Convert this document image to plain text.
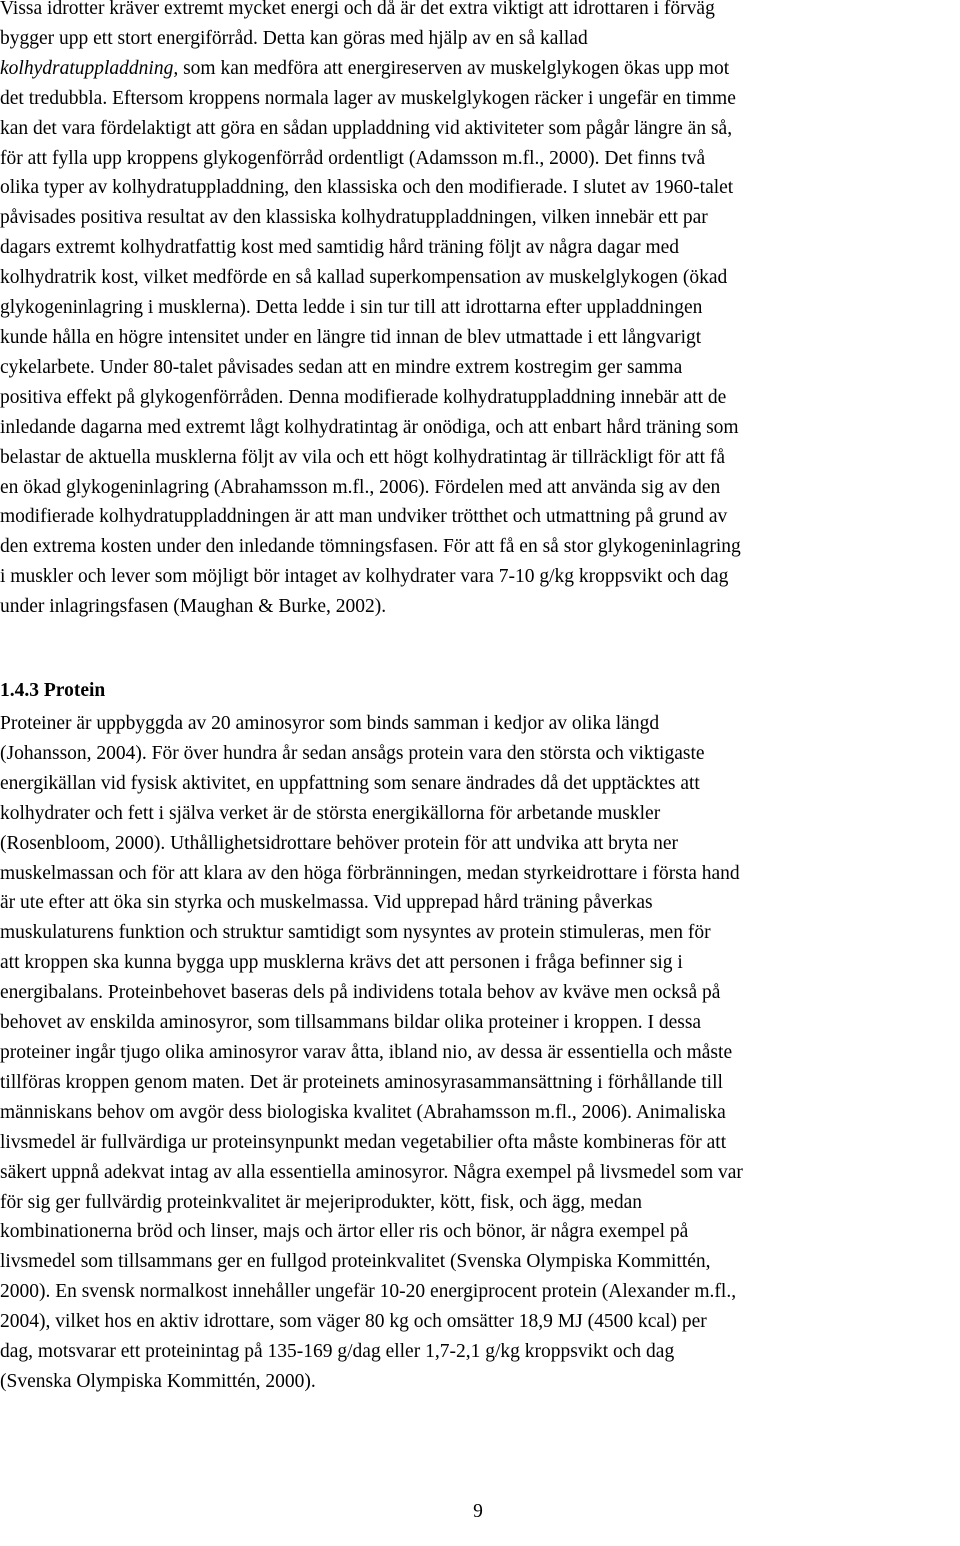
Vissa idrotter kräver extremt mycket energi och då är det extra viktigt att idrottaren i förväg
bygger upp ett stort energiförråd. Detta kan göras med hjälp av en så kallad
kolhydratuppladdning, som kan medföra att energireserven av muskelglykogen ökas upp mot
det tredubbla. Eftersom kroppens normala lager av muskelglykogen räcker i ungefär en timme
kan det vara fördelaktigt att göra en sådan uppladdning vid aktiviteter som pågår längre än så,
för att fylla upp kroppens glykogenförråd ordentligt (Adamsson m.fl., 2000). Det finns två
olika typer av kolhydratuppladdning, den klassiska och den modifierade. I slutet av 1960-talet
påvisades positiva resultat av den klassiska kolhydratuppladdningen, vilken innebär ett par
dagars extremt kolhydratfattig kost med samtidig hård träning följt av några dagar med
kolhydratrik kost, vilket medförde en så kallad superkompensation av muskelglykogen (ökad
glykogeninlagring i musklerna). Detta ledde i sin tur till att idrottarna efter uppladdningen
kunde hålla en högre intensitet under en längre tid innan de blev utmattade i ett långvarigt
cykelarbete. Under 80-talet påvisades sedan att en mindre extrem kostregim ger samma
positiva effekt på glykogenförråden. Denna modifierade kolhydratuppladdning innebär att de
inledande dagarna med extremt lågt kolhydratintag är onödiga, och att enbart hård träning som
belastar de aktuella musklerna följt av vila och ett högt kolhydratintag är tillräckligt för att få
en ökad glykogeninlagring (Abrahamsson m.fl., 2006). Fördelen med att använda sig av den
modifierade kolhydratuppladdningen är att man undviker trötthet och utmattning på grund av
den extrema kosten under den inledande tömningsfasen. För att få en så stor glykogeninlagring
i muskler och lever som möjligt bör intaget av kolhydrater vara 7-10 g/kg kroppsvikt och dag
under inlagringsfasen (Maughan & Burke, 2002).

1.4.3 Protein

Proteiner är uppbyggda av 20 aminosyror som binds samman i kedjor av olika längd
(Johansson, 2004). För över hundra år sedan ansågs protein vara den största och viktigaste
energikällan vid fysisk aktivitet, en uppfattning som senare ändrades då det upptäcktes att
kolhydrater och fett i själva verket är de största energikällorna för arbetande muskler
(Rosenbloom, 2000). Uthållighetsidrottare behöver protein för att undvika att bryta ner
muskelmassan och för att klara av den höga förbränningen, medan styrkeidrottare i första hand
är ute efter att öka sin styrka och muskelmassa. Vid upprepad hård träning påverkas
muskulaturens funktion och struktur samtidigt som nysyntes av protein stimuleras, men för
att kroppen ska kunna bygga upp musklerna krävs det att personen i fråga befinner sig i
energibalans. Proteinbehovet baseras dels på individens totala behov av kväve men också på
behovet av enskilda aminosyror, som tillsammans bildar olika proteiner i kroppen. I dessa
proteiner ingår tjugo olika aminosyror varav åtta, ibland nio, av dessa är essentiella och måste
tillföras kroppen genom maten. Det är proteinets aminosyrasammansättning i förhållande till
människans behov om avgör dess biologiska kvalitet (Abrahamsson m.fl., 2006). Animaliska
livsmedel är fullvärdiga ur proteinsynpunkt medan vegetabilier ofta måste kombineras för att
säkert uppnå adekvat intag av alla essentiella aminosyror. Några exempel på livsmedel som var
för sig ger fullvärdig proteinkvalitet är mejeriprodukter, kött, fisk, och ägg, medan
kombinationerna bröd och linser, majs och ärtor eller ris och bönor, är några exempel på
livsmedel som tillsammans ger en fullgod proteinkvalitet (Svenska Olympiska Kommittén,
2000). En svensk normalkost innehåller ungefär 10-20 energiprocent protein (Alexander m.fl.,
2004), vilket hos en aktiv idrottare, som väger 80 kg och omsätter 18,9 MJ (4500 kcal) per
dag, motsvarar ett proteinintag på 135-169 g/dag eller 1,7-2,1 g/kg kroppsvikt och dag
(Svenska Olympiska Kommittén, 2000).

9
